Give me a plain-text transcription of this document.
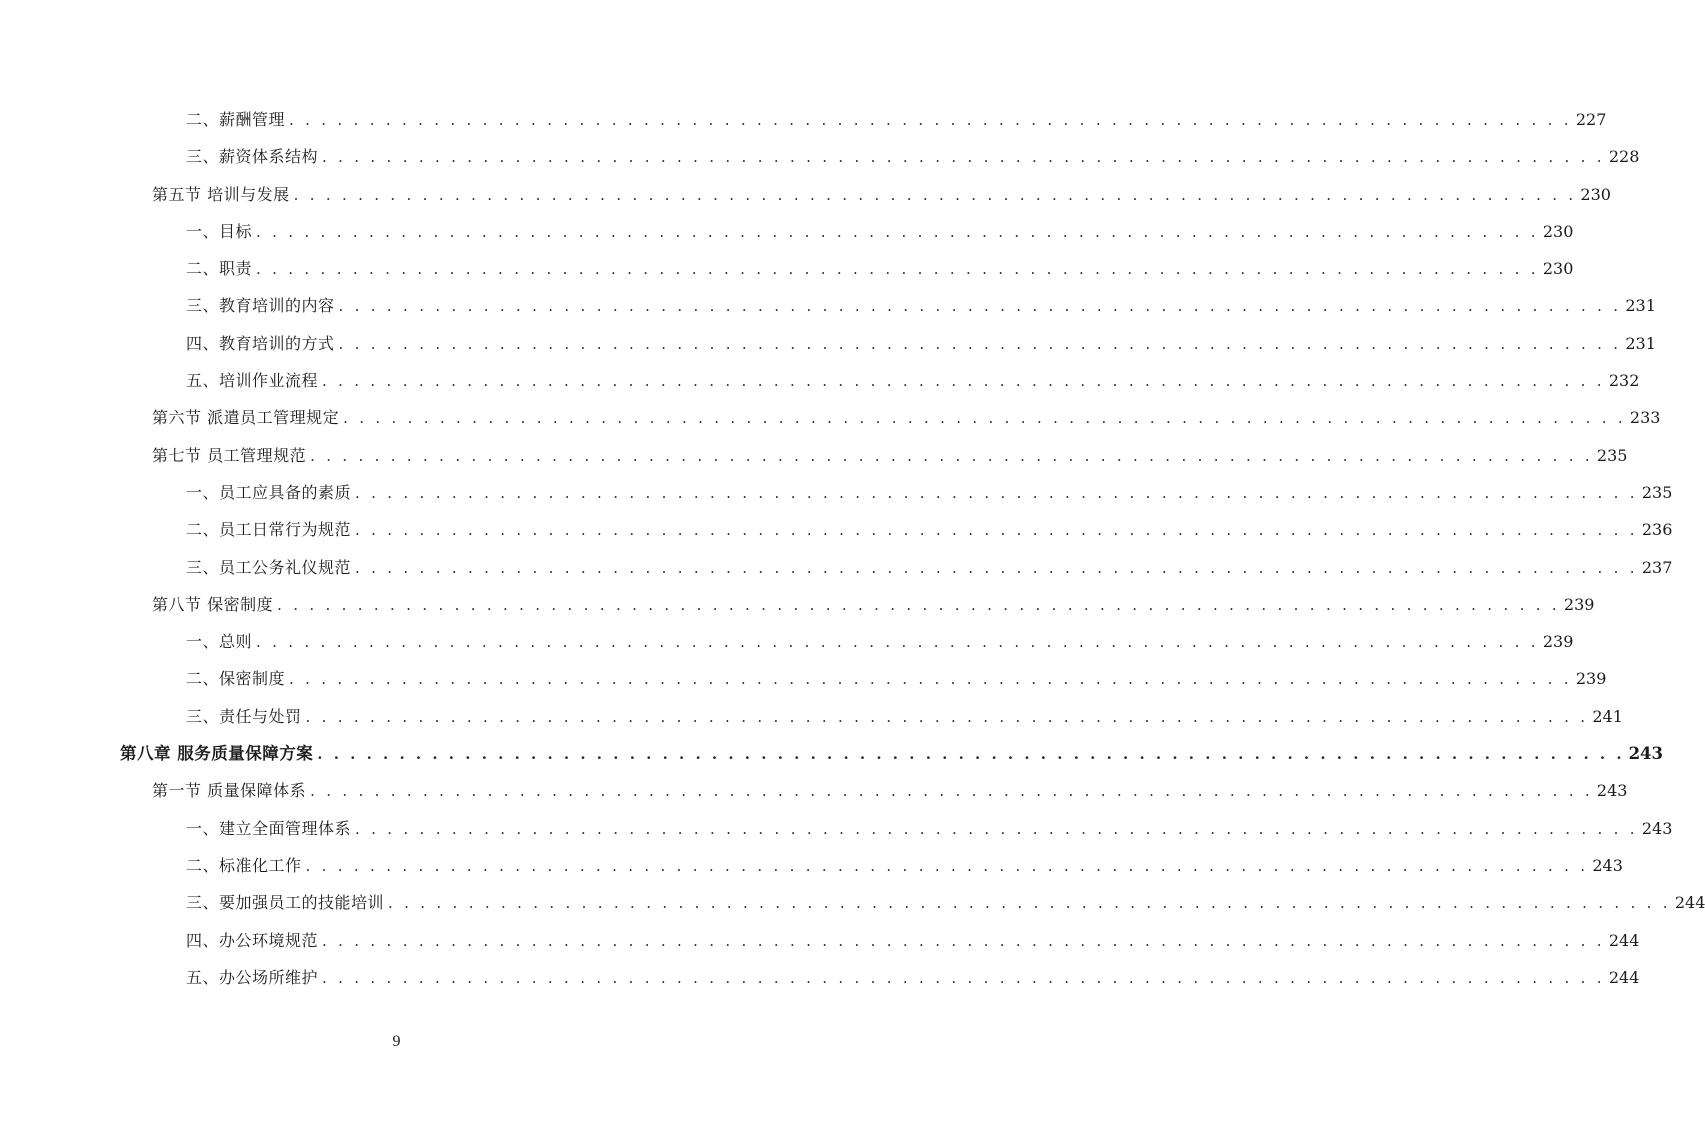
二、薪酬管理 . . . . . . . . . . . . . . . . . . . . . . . . . . . . . . . . . . . . . . . . . . . . . . . . . . . . . . . . . . . . . . . . . . . . . . . . . . . . . . . . 227
三、薪资体系结构 . . . . . . . . . . . . . . . . . . . . . . . . . . . . . . . . . . . . . . . . . . . . . . . . . . . . . . . . . . . . . . . . . . . . . . . . . . . . . . . . 228
第五节 培训与发展 . . . . . . . . . . . . . . . . . . . . . . . . . . . . . . . . . . . . . . . . . . . . . . . . . . . . . . . . . . . . . . . . . . . . . . . . . . . . . . . . 230
一、目标 . . . . . . . . . . . . . . . . . . . . . . . . . . . . . . . . . . . . . . . . . . . . . . . . . . . . . . . . . . . . . . . . . . . . . . . . . . . . . . . . 230
二、职责 . . . . . . . . . . . . . . . . . . . . . . . . . . . . . . . . . . . . . . . . . . . . . . . . . . . . . . . . . . . . . . . . . . . . . . . . . . . . . . . . 230
三、教育培训的内容 . . . . . . . . . . . . . . . . . . . . . . . . . . . . . . . . . . . . . . . . . . . . . . . . . . . . . . . . . . . . . . . . . . . . . . . . . . . . . . . . 231
四、教育培训的方式 . . . . . . . . . . . . . . . . . . . . . . . . . . . . . . . . . . . . . . . . . . . . . . . . . . . . . . . . . . . . . . . . . . . . . . . . . . . . . . . . 231
五、培训作业流程 . . . . . . . . . . . . . . . . . . . . . . . . . . . . . . . . . . . . . . . . . . . . . . . . . . . . . . . . . . . . . . . . . . . . . . . . . . . . . . . . 232
第六节 派遣员工管理规定 . . . . . . . . . . . . . . . . . . . . . . . . . . . . . . . . . . . . . . . . . . . . . . . . . . . . . . . . . . . . . . . . . . . . . . . . . . . . . . . . 233
第七节 员工管理规范 . . . . . . . . . . . . . . . . . . . . . . . . . . . . . . . . . . . . . . . . . . . . . . . . . . . . . . . . . . . . . . . . . . . . . . . . . . . . . . . . 235
一、员工应具备的素质 . . . . . . . . . . . . . . . . . . . . . . . . . . . . . . . . . . . . . . . . . . . . . . . . . . . . . . . . . . . . . . . . . . . . . . . . . . . . . . . . 235
二、员工日常行为规范 . . . . . . . . . . . . . . . . . . . . . . . . . . . . . . . . . . . . . . . . . . . . . . . . . . . . . . . . . . . . . . . . . . . . . . . . . . . . . . . . 236
三、员工公务礼仪规范 . . . . . . . . . . . . . . . . . . . . . . . . . . . . . . . . . . . . . . . . . . . . . . . . . . . . . . . . . . . . . . . . . . . . . . . . . . . . . . . . 237
第八节 保密制度 . . . . . . . . . . . . . . . . . . . . . . . . . . . . . . . . . . . . . . . . . . . . . . . . . . . . . . . . . . . . . . . . . . . . . . . . . . . . . . . . 239
一、总则 . . . . . . . . . . . . . . . . . . . . . . . . . . . . . . . . . . . . . . . . . . . . . . . . . . . . . . . . . . . . . . . . . . . . . . . . . . . . . . . . 239
二、保密制度 . . . . . . . . . . . . . . . . . . . . . . . . . . . . . . . . . . . . . . . . . . . . . . . . . . . . . . . . . . . . . . . . . . . . . . . . . . . . . . . . 239
三、责任与处罚 . . . . . . . . . . . . . . . . . . . . . . . . . . . . . . . . . . . . . . . . . . . . . . . . . . . . . . . . . . . . . . . . . . . . . . . . . . . . . . . . 241
第八章 服务质量保障方案 . . . . . . . . . . . . . . . . . . . . . . . . . . . . . . . . . . . . . . . . . . . . . . . . . . . . . . . . . . . . . . . . . . . . . . . . . . . . . . . . 243
第一节 质量保障体系 . . . . . . . . . . . . . . . . . . . . . . . . . . . . . . . . . . . . . . . . . . . . . . . . . . . . . . . . . . . . . . . . . . . . . . . . . . . . . . . . 243
一、建立全面管理体系 . . . . . . . . . . . . . . . . . . . . . . . . . . . . . . . . . . . . . . . . . . . . . . . . . . . . . . . . . . . . . . . . . . . . . . . . . . . . . . . . 243
二、标准化工作 . . . . . . . . . . . . . . . . . . . . . . . . . . . . . . . . . . . . . . . . . . . . . . . . . . . . . . . . . . . . . . . . . . . . . . . . . . . . . . . . 243
三、要加强员工的技能培训 . . . . . . . . . . . . . . . . . . . . . . . . . . . . . . . . . . . . . . . . . . . . . . . . . . . . . . . . . . . . . . . . . . . . . . . . . . . . . . . . 244
四、办公环境规范 . . . . . . . . . . . . . . . . . . . . . . . . . . . . . . . . . . . . . . . . . . . . . . . . . . . . . . . . . . . . . . . . . . . . . . . . . . . . . . . . 244
五、办公场所维护 . . . . . . . . . . . . . . . . . . . . . . . . . . . . . . . . . . . . . . . . . . . . . . . . . . . . . . . . . . . . . . . . . . . . . . . . . . . . . . . . 244
9
